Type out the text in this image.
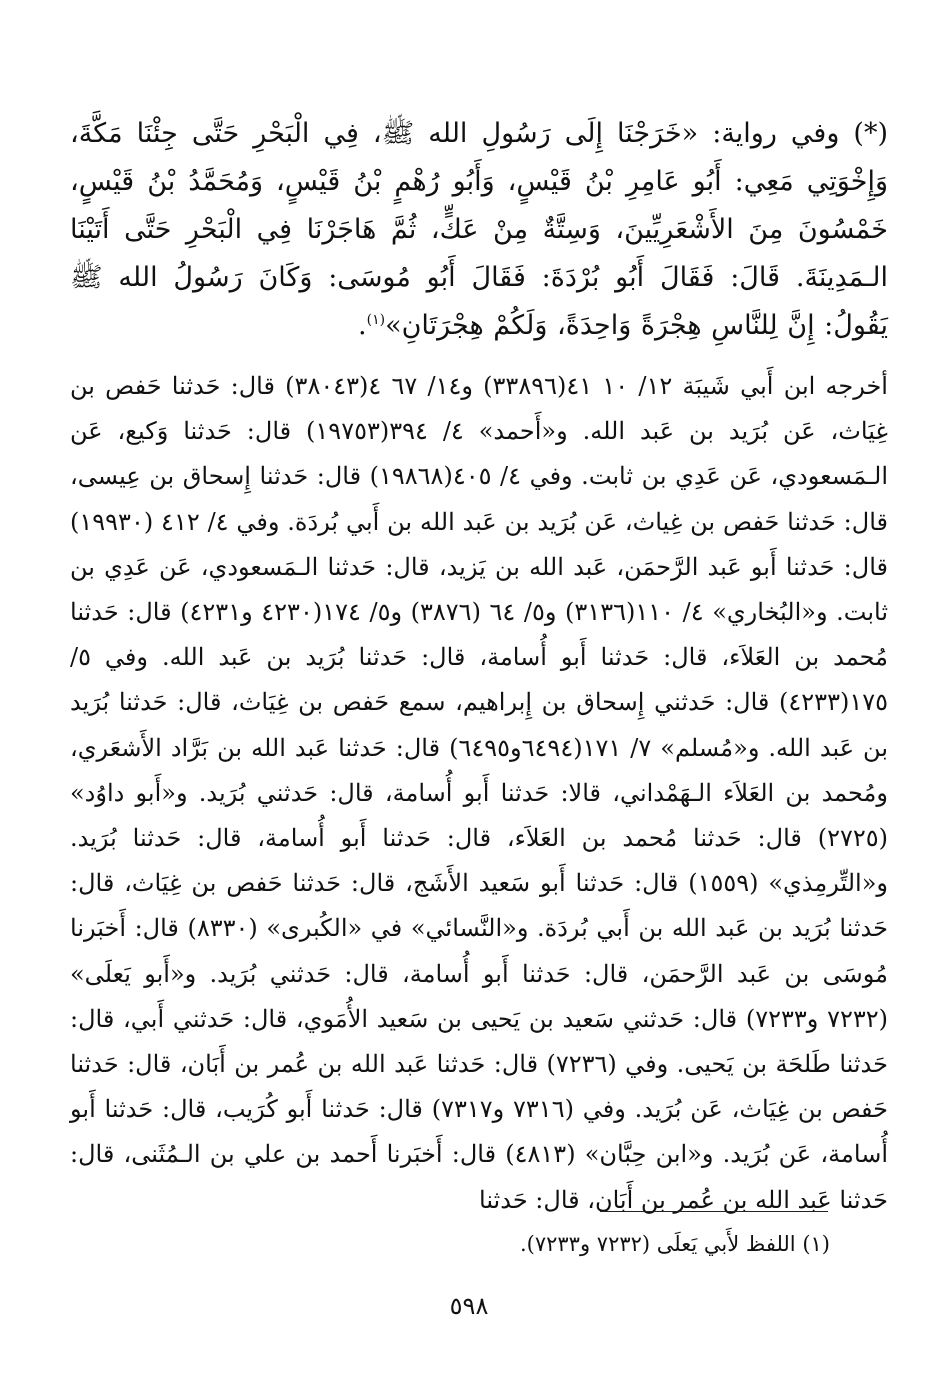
(*) وفي رواية: «خَرَجْنَا إِلَى رَسُولِ الله ﷺ، فِي الْبَحْرِ حَتَّى جِئْنَا مَكَّةَ، وَإِخْوَتِي مَعِي: أَبُو عَامِرِ بْنُ قَيْسٍ، وَأَبُو رُهْمٍ بْنُ قَيْسٍ، وَمُحَمَّدُ بْنُ قَيْسٍ، خَمْسُونَ مِنَ الأَشْعَرِيِّينَ، وَسِتَّةٌ مِنْ عَكٍّ، ثُمَّ هَاجَرْنَا فِي الْبَحْرِ حَتَّى أَتَيْنَا الـمَدِينَةَ. قَالَ: فَقَالَ أَبُو بُرْدَةَ: فَقَالَ أَبُو مُوسَى: وَكَانَ رَسُولُ الله ﷺ يَقُولُ: إِنَّ لِلنَّاسِ هِجْرَةً وَاحِدَةً، وَلَكُمْ هِجْرَتَانِ»$^{(١)}$.

أخرجه ابن أَبي شَيبَة ١٢/ ١٠ ٤١(٣٣٨٩٦) و١٤/ ٦٧ ٤(٣٨٠٤٣) قال: حَدثنا حَفص بن غِيَاث، عَن بُرَيد بن عَبد الله. و«أَحمد» ٤/ ٣٩٤(١٩٧٥٣) قال: حَدثنا وَكيع، عَن الـمَسعودي، عَن عَدِي بن ثابت. وفي ٤/ ٤٠٥(١٩٨٦٨) قال: حَدثنا إِسحاق بن عِيسى، قال: حَدثنا حَفص بن غِياث، عَن بُرَيد بن عَبد الله بن أَبي بُردَة. وفي ٤/ ٤١٢ (١٩٩٣٠) قال: حَدثنا أَبو عَبد الرَّحمَن، عَبد الله بن يَزيد، قال: حَدثنا الـمَسعودي، عَن عَدِي بن ثابت. و«البُخاري» ٤/ ١١٠(٣١٣٦) و٥/ ٦٤ (٣٨٧٦) و٥/ ١٧٤(٤٢٣٠ و٤٢٣١) قال: حَدثنا مُحمد بن العَلاَء، قال: حَدثنا أَبو أُسامة، قال: حَدثنا بُرَيد بن عَبد الله. وفي ٥/ ١٧٥(٤٢٣٣) قال: حَدثني إِسحاق بن إِبراهيم، سمع حَفص بن غِيَاث، قال: حَدثنا بُرَيد بن عَبد الله. و«مُسلم» ٧/ ١٧١(٦٤٩٤و٦٤٩٥) قال: حَدثنا عَبد الله بن بَرَّاد الأَشعَري، ومُحمد بن العَلاَء الـهَمْداني، قالا: حَدثنا أَبو أُسامة، قال: حَدثني بُرَيد. و«أَبو داوُد» (٢٧٢٥) قال: حَدثنا مُحمد بن العَلاَء، قال: حَدثنا أَبو أُسامة، قال: حَدثنا بُرَيد. و«التِّرمِذي» (١٥٥٩) قال: حَدثنا أَبو سَعيد الأَشَج، قال: حَدثنا حَفص بن غِيَاث، قال: حَدثنا بُرَيد بن عَبد الله بن أَبي بُردَة. و«النَّسائي» في «الكُبرى» (٨٣٣٠) قال: أَخبَرنا مُوسَى بن عَبد الرَّحمَن، قال: حَدثنا أَبو أُسامة، قال: حَدثني بُرَيد. و«أَبو يَعلَى» (٧٢٣٢ و٧٢٣٣) قال: حَدثني سَعيد بن يَحيى بن سَعيد الأُمَوي، قال: حَدثني أَبي، قال: حَدثنا طَلحَة بن يَحيى. وفي (٧٢٣٦) قال: حَدثنا عَبد الله بن عُمر بن أَبَان، قال: حَدثنا حَفص بن غِيَاث، عَن بُرَيد. وفي (٧٣١٦ و٧٣١٧) قال: حَدثنا أَبو كُرَيب، قال: حَدثنا أَبو أُسامة، عَن بُرَيد. و«ابن حِبَّان» (٤٨١٣) قال: أَخبَرنا أَحمد بن علي بن الـمُثَنى، قال: حَدثنا عَبد الله بن عُمر بن أَبَان، قال: حَدثنا

(١) اللفظ لأَبي يَعلَى (٧٢٣٢ و٧٢٣٣).
٥٩٨
